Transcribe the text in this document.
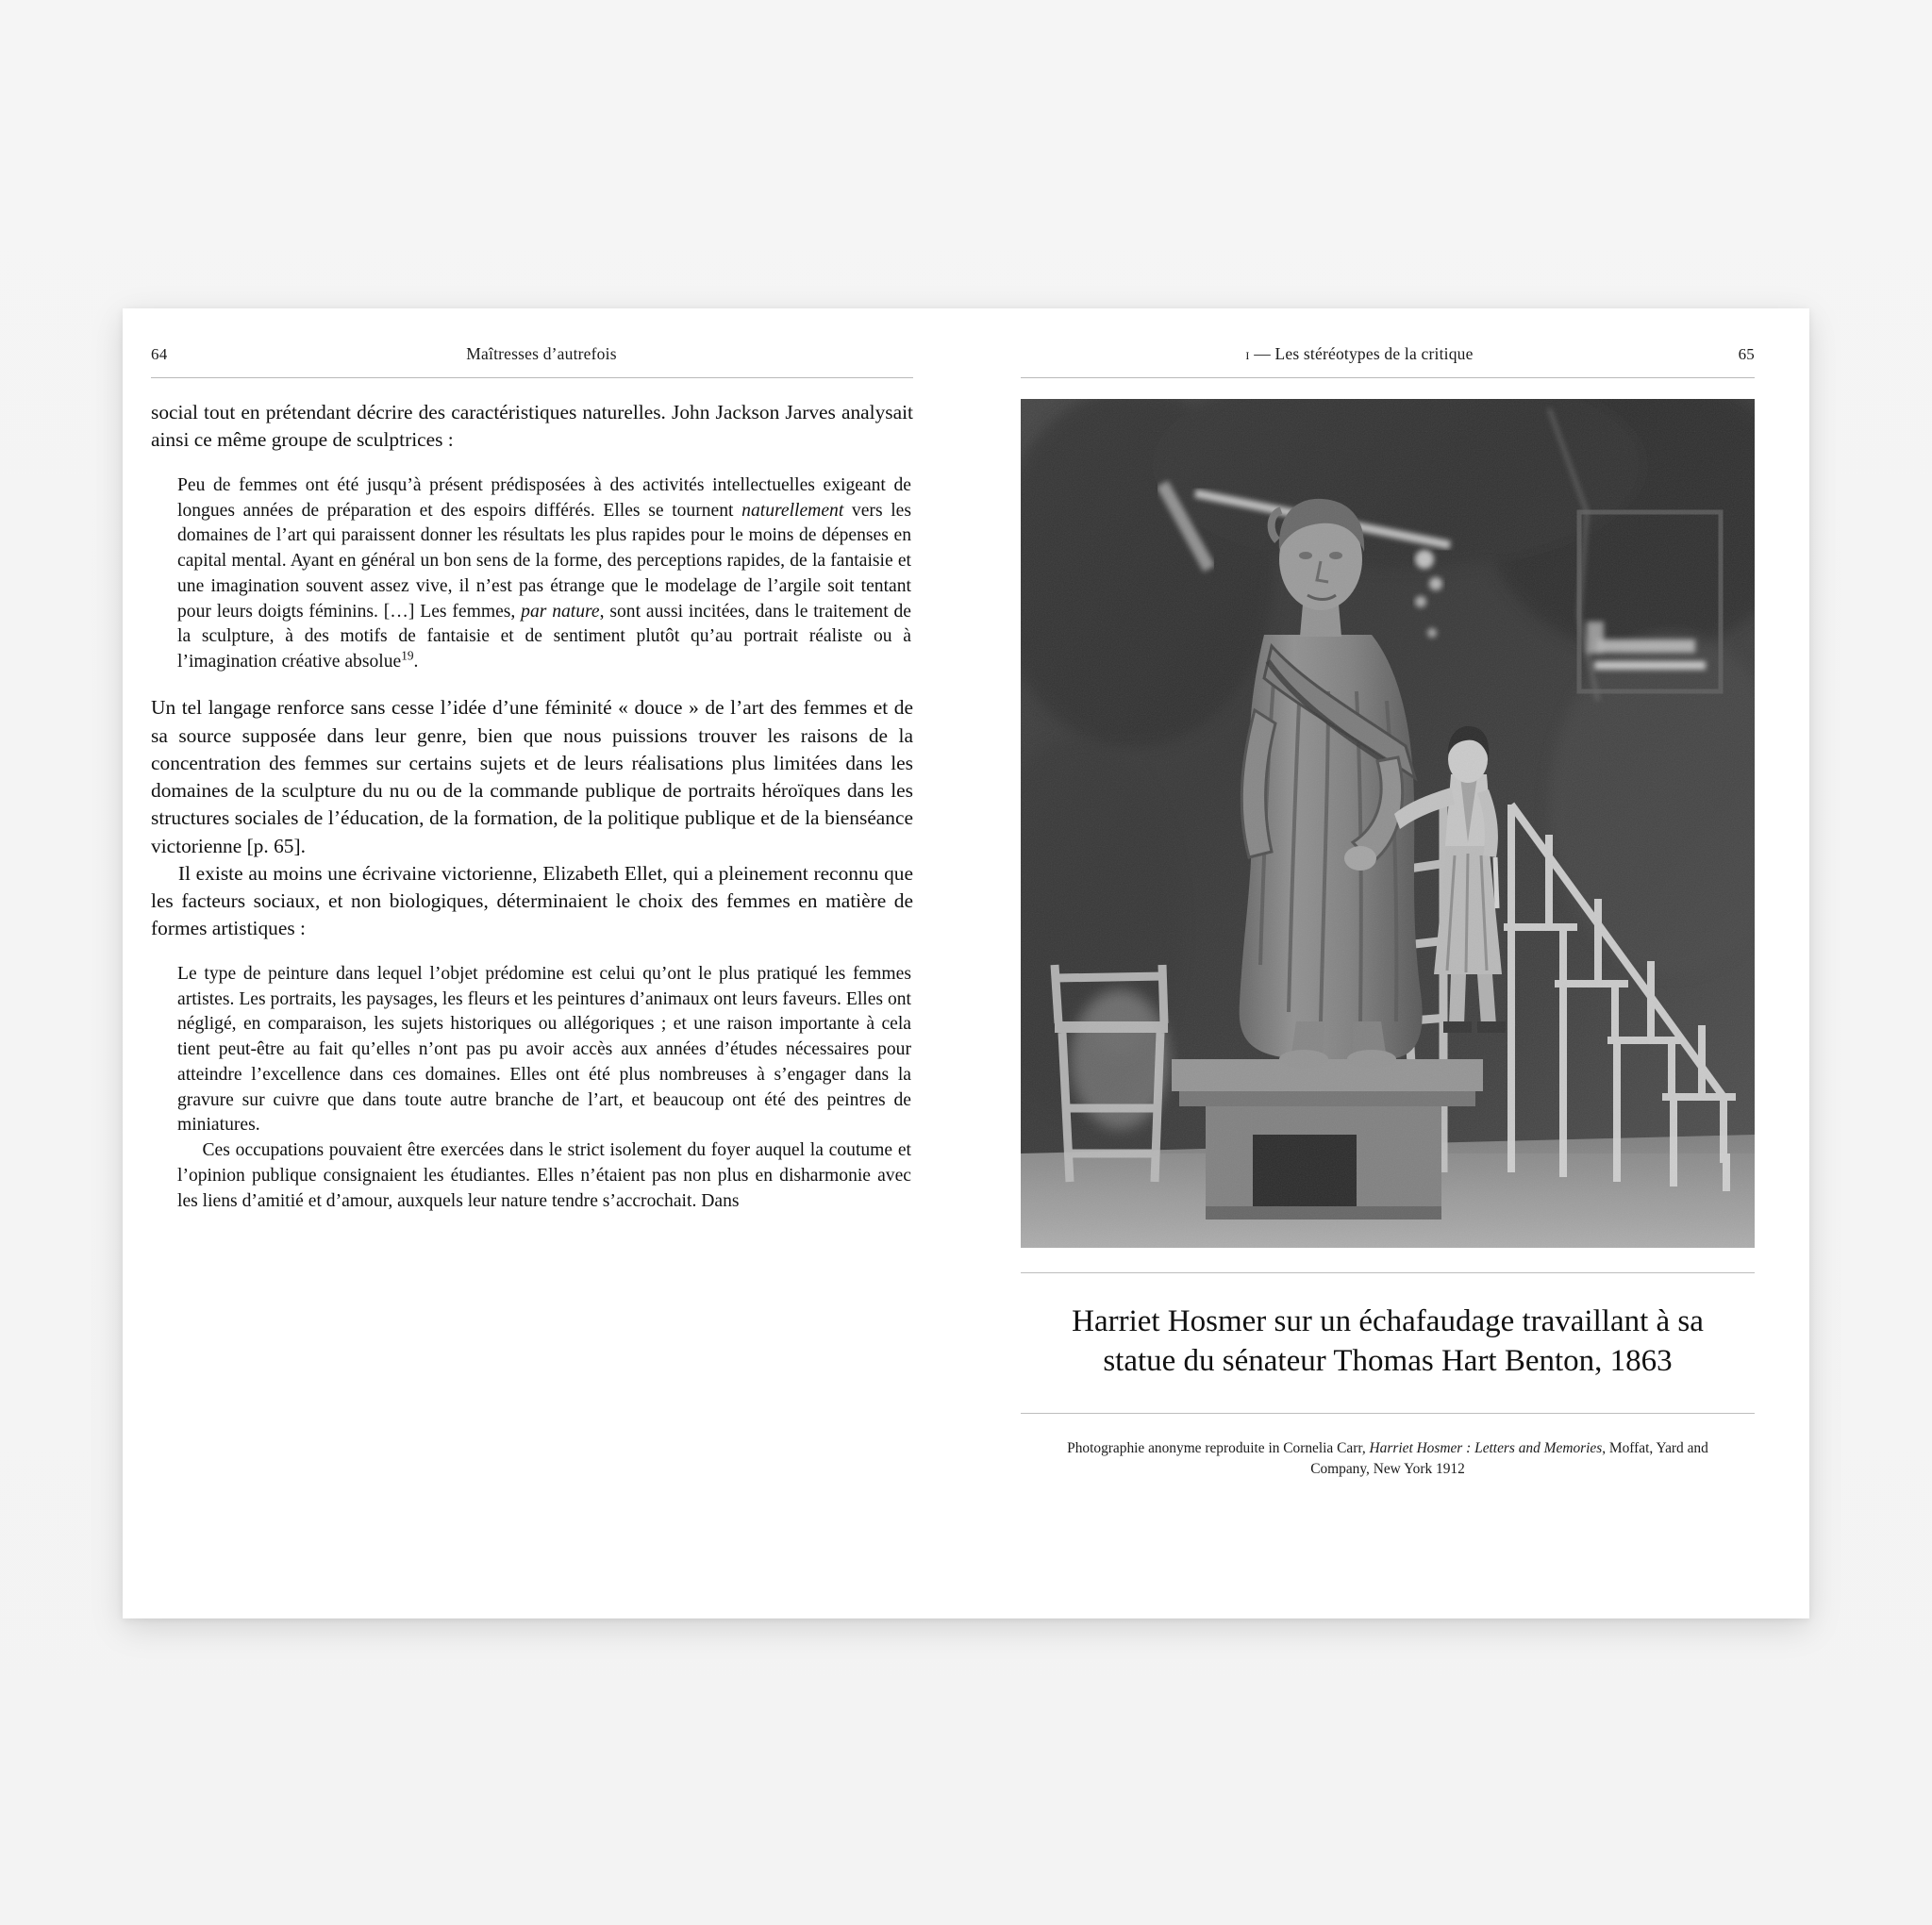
64	Maîtresses d’autrefois

social tout en prétendant décrire des caractéristiques naturelles. John Jackson Jarves analysait ainsi ce même groupe de sculptrices :

Peu de femmes ont été jusqu’à présent prédisposées à des activités intellectuelles exigeant de longues années de préparation et des espoirs différés. Elles se tournent naturellement vers les domaines de l’art qui paraissent donner les résultats les plus rapides pour le moins de dépenses en capital mental. Ayant en général un bon sens de la forme, des perceptions rapides, de la fantaisie et une imagination souvent assez vive, il n’est pas étrange que le modelage de l’argile soit tentant pour leurs doigts féminins. […] Les femmes, par nature, sont aussi incitées, dans le traitement de la sculpture, à des motifs de fantaisie et de sentiment plutôt qu’au portrait réaliste ou à l’imagination créative absolue$^{19}$.

Un tel langage renforce sans cesse l’idée d’une féminité « douce » de l’art des femmes et de sa source supposée dans leur genre, bien que nous puissions trouver les raisons de la concentration des femmes sur certains sujets et de leurs réalisations plus limitées dans les domaines de la sculpture du nu ou de la commande publique de portraits héroïques dans les structures sociales de l’éducation, de la formation, de la politique publique et de la bienséance victorienne [p. 65].

Il existe au moins une écrivaine victorienne, Elizabeth Ellet, qui a pleinement reconnu que les facteurs sociaux, et non biologiques, déterminaient le choix des femmes en matière de formes artistiques :

Le type de peinture dans lequel l’objet prédomine est celui qu’ont le plus pratiqué les femmes artistes. Les portraits, les paysages, les fleurs et les peintures d’animaux ont leurs faveurs. Elles ont négligé, en comparaison, les sujets historiques ou allégoriques ; et une raison importante à cela tient peut-être au fait qu’elles n’ont pas pu avoir accès aux années d’études nécessaires pour atteindre l’excellence dans ces domaines. Elles ont été plus nombreuses à s’engager dans la gravure sur cuivre que dans toute autre branche de l’art, et beaucoup ont été des peintres de miniatures.

Ces occupations pouvaient être exercées dans le strict isolement du foyer auquel la coutume et l’opinion publique consignaient les étudiantes. Elles n’étaient pas non plus en disharmonie avec les liens d’amitié et d’amour, auxquels leur nature tendre s’accrochait. Dans

65
i — Les stéréotypes de la critique
Harriet Hosmer sur un échafaudage travaillant à sa statue du sénateur Thomas Hart Benton, 1863
Photographie anonyme reproduite in Cornelia Carr, Harriet Hosmer : Letters and Memories, Moffat, Yard and Company, New York 1912
